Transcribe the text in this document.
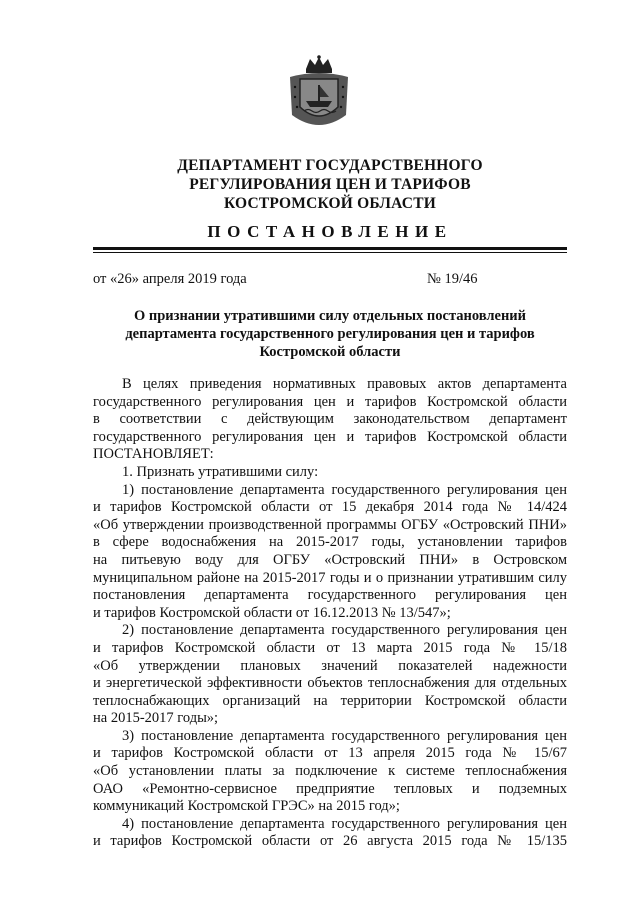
ДЕПАРТАМЕНТ ГОСУДАРСТВЕННОГО
РЕГУЛИРОВАНИЯ ЦЕН И ТАРИФОВ
КОСТРОМСКОЙ ОБЛАСТИ
ПОСТАНОВЛЕНИЕ
от «26» апреля 2019 года	№ 19/46
О признании утратившими силу отдельных постановлений
департамента государственного регулирования цен и тарифов
Костромской области

В целях приведения нормативных правовых актов департамента

государственного регулирования цен и тарифов Костромской области

в соответствии с действующим законодательством департамент

государственного регулирования цен и тарифов Костромской области

ПОСТАНОВЛЯЕТ:

1. Признать утратившими силу:

1) постановление департамента государственного регулирования цен

и тарифов Костромской области от 15 декабря 2014 года № 14/424

«Об утверждении производственной программы ОГБУ «Островский ПНИ»

в сфере водоснабжения на 2015-2017 годы, установлении тарифов

на питьевую воду для ОГБУ «Островский ПНИ» в Островском

муниципальном районе на 2015-2017 годы и о признании утратившим силу

постановления департамента государственного регулирования цен

и тарифов Костромской области от 16.12.2013 № 13/547»;

2) постановление департамента государственного регулирования цен

и тарифов Костромской области от 13 марта 2015 года № 15/18

«Об утверждении плановых значений показателей надежности

и энергетической эффективности объектов теплоснабжения для отдельных

теплоснабжающих организаций на территории Костромской области

на 2015-2017 годы»;

3) постановление департамента государственного регулирования цен

и тарифов Костромской области от 13 апреля 2015 года № 15/67

«Об установлении платы за подключение к системе теплоснабжения

ОАО «Ремонтно-сервисное предприятие тепловых и подземных

коммуникаций Костромской ГРЭС» на 2015 год»;

4) постановление департамента государственного регулирования цен

и тарифов Костромской области от 26 августа 2015 года № 15/135
